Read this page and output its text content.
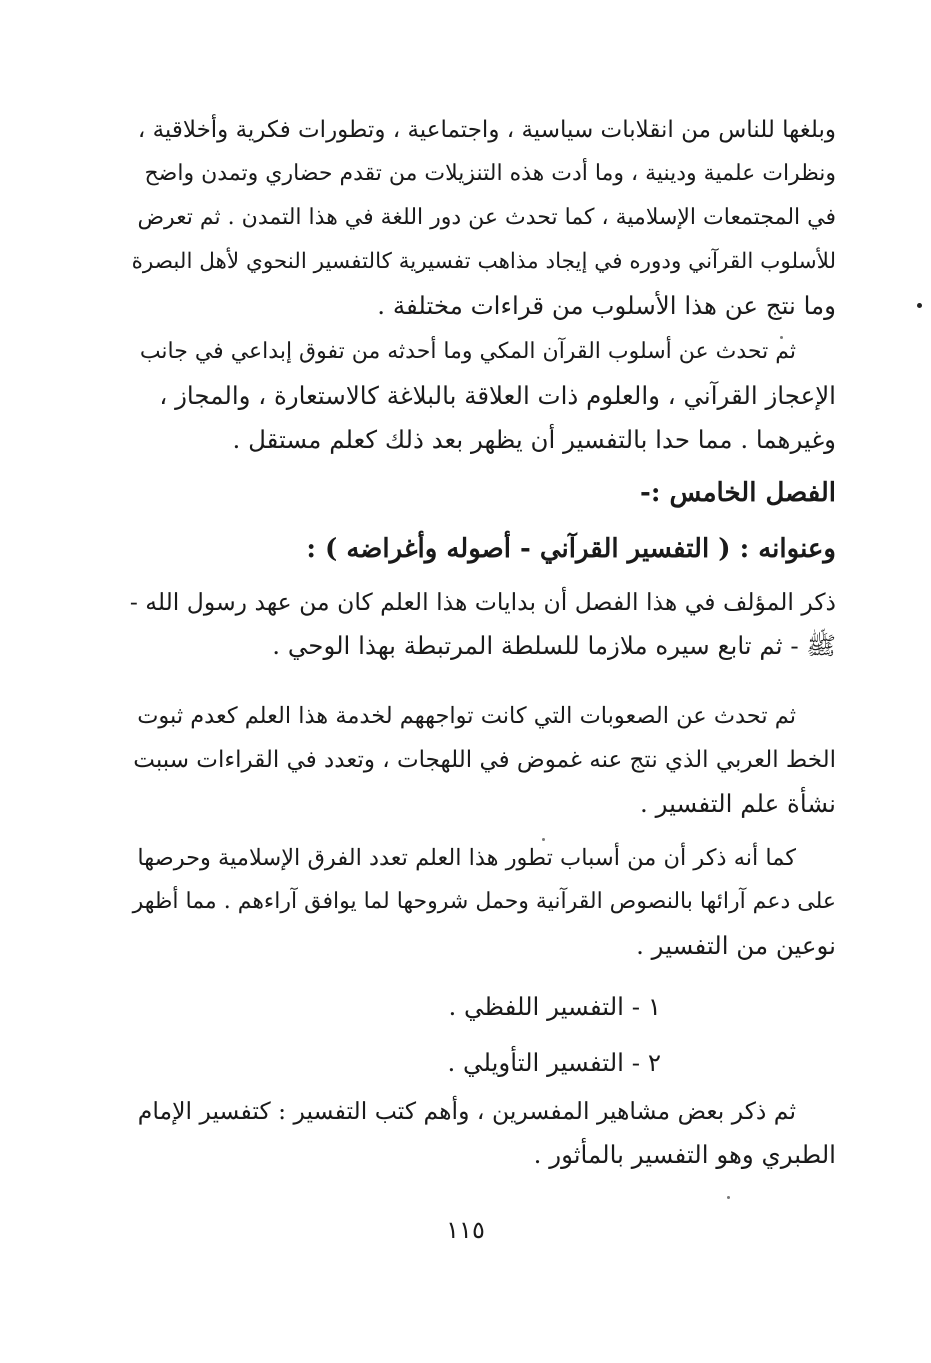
وبلغها للناس من انقلابات سياسية ، واجتماعية ، وتطورات فكرية وأخلاقية ،
ونظرات علمية ودينية ، وما أدت هذه التنزيلات من تقدم حضاري وتمدن واضح
في المجتمعات الإسلامية ، كما تحدث عن دور اللغة في هذا التمدن . ثم تعرض
للأسلوب القرآني ودوره في إيجاد مذاهب تفسيرية كالتفسير النحوي لأهل البصرة
وما نتج عن هذا الأسلوب من قراءات مختلفة .
ثم تحدث عن أسلوب القرآن المكي وما أحدثه من تفوق إبداعي في جانب
الإعجاز القرآني ، والعلوم ذات العلاقة بالبلاغة كالاستعارة ، والمجاز ،
وغيرهما . مما حدا بالتفسير أن يظهر بعد ذلك كعلم مستقل .
الفصل الخامس :-
وعنوانه : ( التفسير القرآني - أصوله وأغراضه ) :
ذكر المؤلف في هذا الفصل أن بدايات هذا العلم كان من عهد رسول الله -
ﷺ - ثم تابع سيره ملازما للسلطة المرتبطة بهذا الوحي .
ثم تحدث عن الصعوبات التي كانت تواجههم لخدمة هذا العلم كعدم ثبوت
الخط العربي الذي نتج عنه غموض في اللهجات ، وتعدد في القراءات سببت
نشأة علم التفسير .
كما أنه ذكر أن من أسباب تطور هذا العلم تعدد الفرق الإسلامية وحرصها
على دعم آرائها بالنصوص القرآنية وحمل شروحها لما يوافق آراءهم . مما أظهر
نوعين من التفسير .
١ - التفسير اللفظي .
٢ - التفسير التأويلي .
ثم ذكر بعض مشاهير المفسرين ، وأهم كتب التفسير : كتفسير الإمام
الطبري وهو التفسير بالمأثور .
١١٥
